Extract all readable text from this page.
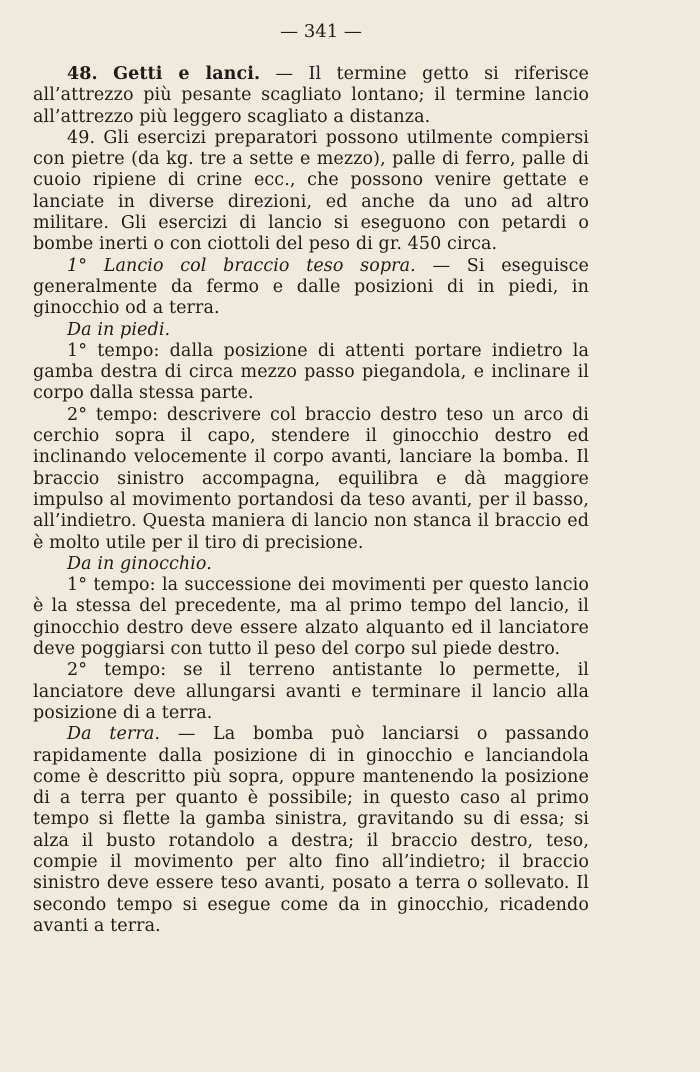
— 341 —

48. Getti e lanci. — Il termine getto si riferisce all’attrezzo più pesante scagliato lontano; il termine lancio all’attrezzo più leggero scagliato a distanza.

49. Gli esercizi preparatori possono utilmente compiersi con pietre (da kg. tre a sette e mezzo), palle di ferro, palle di cuoio ripiene di crine ecc., che possono venire gettate e lanciate in diverse direzioni, ed anche da uno ad altro militare. Gli esercizi di lancio si eseguono con petardi o bombe inerti o con ciottoli del peso di gr. 450 circa.

1° Lancio col braccio teso sopra. — Si eseguisce generalmente da fermo e dalle posizioni di in piedi, in ginocchio od a terra.

Da in piedi.

1° tempo: dalla posizione di attenti portare indietro la gamba destra di circa mezzo passo piegandola, e inclinare il corpo dalla stessa parte.

2° tempo: descrivere col braccio destro teso un arco di cerchio sopra il capo, stendere il ginocchio destro ed inclinando velocemente il corpo avanti, lanciare la bomba. Il braccio sinistro accompagna, equilibra e dà maggiore impulso al movimento portandosi da teso avanti, per il basso, all’indietro. Questa maniera di lancio non stanca il braccio ed è molto utile per il tiro di precisione.

Da in ginocchio.

1° tempo: la successione dei movimenti per questo lancio è la stessa del precedente, ma al primo tempo del lancio, il ginocchio destro deve essere alzato alquanto ed il lanciatore deve poggiarsi con tutto il peso del corpo sul piede destro.

2° tempo: se il terreno antistante lo permette, il lanciatore deve allungarsi avanti e terminare il lancio alla posizione di a terra.

Da terra. — La bomba può lanciarsi o passando rapidamente dalla posizione di in ginocchio e lanciandola come è descritto più sopra, oppure mantenendo la posizione di a terra per quanto è possibile; in questo caso al primo tempo si flette la gamba sinistra, gravitando su di essa; si alza il busto rotandolo a destra; il braccio destro, teso, compie il movimento per alto fino all’indietro; il braccio sinistro deve essere teso avanti, posato a terra o sollevato. Il secondo tempo si esegue come da in ginocchio, ricadendo avanti a terra.
